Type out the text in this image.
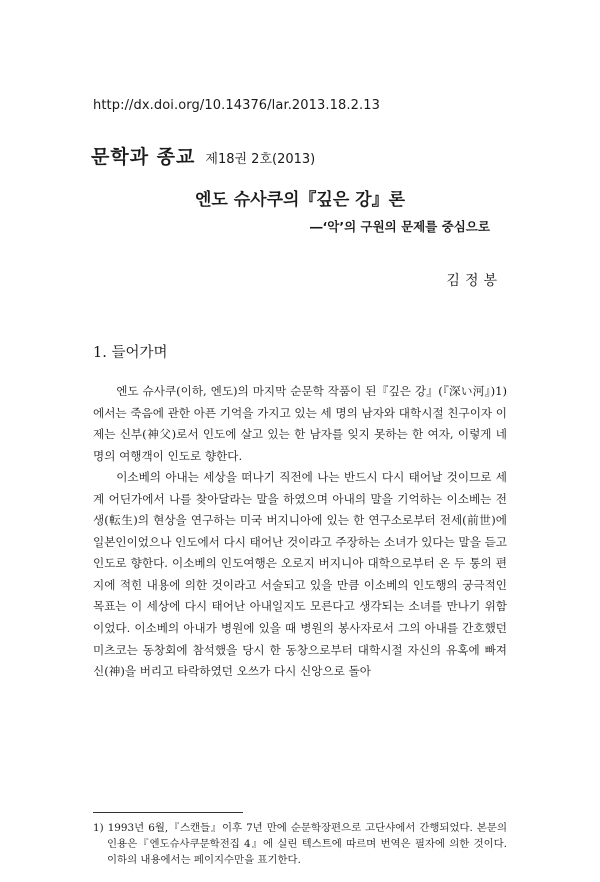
http://dx.doi.org/10.14376/lar.2013.18.2.13
문학과 종교 제18권 2호(2013)
엔도 슈사쿠의『깊은 강』론
―‘악’의 구원의 문제를 중심으로
김정봉
1. 들어가며

엔도 슈사쿠(이하, 엔도)의 마지막 순문학 작품이 된『깊은 강』(『深い河』)1)에서는 죽음에 관한 아픈 기억을 가지고 있는 세 명의 남자와 대학시절 친구이자 이제는 신부(神父)로서 인도에 살고 있는 한 남자를 잊지 못하는 한 여자, 이렇게 네 명의 여행객이 인도로 향한다.

이소베의 아내는 세상을 떠나기 직전에 나는 반드시 다시 태어날 것이므로 세계 어딘가에서 나를 찾아달라는 말을 하였으며 아내의 말을 기억하는 이소베는 전생(転生)의 현상을 연구하는 미국 버지니아에 있는 한 연구소로부터 전세(前世)에 일본인이었으나 인도에서 다시 태어난 것이라고 주장하는 소녀가 있다는 말을 듣고 인도로 향한다. 이소베의 인도여행은 오로지 버지니아 대학으로부터 온 두 통의 편지에 적힌 내용에 의한 것이라고 서술되고 있을 만큼 이소베의 인도행의 궁극적인 목표는 이 세상에 다시 태어난 아내일지도 모른다고 생각되는 소녀를 만나기 위함이었다. 이소베의 아내가 병원에 있을 때 병원의 봉사자로서 그의 아내를 간호했던 미츠코는 동창회에 참석했을 당시 한 동창으로부터 대학시절 자신의 유혹에 빠져 신(神)을 버리고 타락하였던 오쓰가 다시 신앙으로 돌아

1) 1993년 6월,『스캔들』이후 7년 만에 순문학장편으로 고단샤에서 간행되었다. 본문의 인용은『엔도슈사쿠문학전집 4』에 실린 텍스트에 따르며 번역은 필자에 의한 것이다. 이하의 내용에서는 페이지수만을 표기한다.
